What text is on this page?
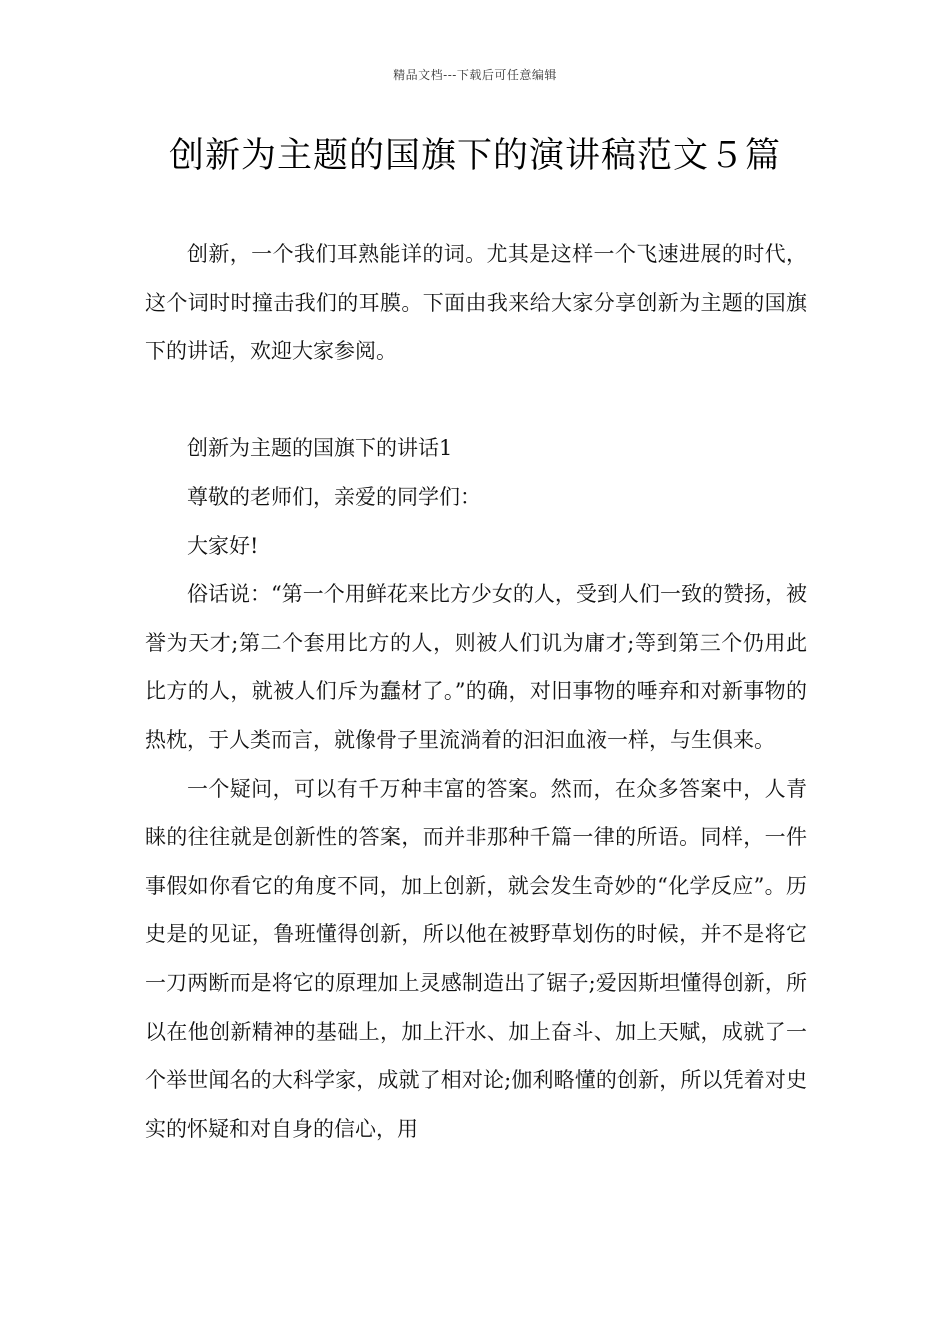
精品文档---下载后可任意编辑
创新为主题的国旗下的演讲稿范文５篇

创新，一个我们耳熟能详的词。尤其是这样一个飞速进展的时代，这个词时时撞击我们的耳膜。下面由我来给大家分享创新为主题的国旗下的讲话，欢迎大家参阅。

创新为主题的国旗下的讲话1

尊敬的老师们，亲爱的同学们：

大家好!

俗话说：“第一个用鲜花来比方少女的人，受到人们一致的赞扬，被誉为天才;第二个套用比方的人，则被人们讥为庸才;等到第三个仍用此比方的人，就被人们斥为蠢材了。”的确，对旧事物的唾弃和对新事物的热枕，于人类而言，就像骨子里流淌着的汩汩血液一样，与生俱来。

一个疑问，可以有千万种丰富的答案。然而，在众多答案中，人青睐的往往就是创新性的答案，而并非那种千篇一律的所语。同样，一件事假如你看它的角度不同，加上创新，就会发生奇妙的“化学反应”。历史是的见证，鲁班懂得创新，所以他在被野草划伤的时候，并不是将它一刀两断而是将它的原理加上灵感制造出了锯子;爱因斯坦懂得创新，所以在他创新精神的基础上，加上汗水、加上奋斗、加上天赋，成就了一个举世闻名的大科学家，成就了相对论;伽利略懂的创新，所以凭着对史实的怀疑和对自身的信心，用
